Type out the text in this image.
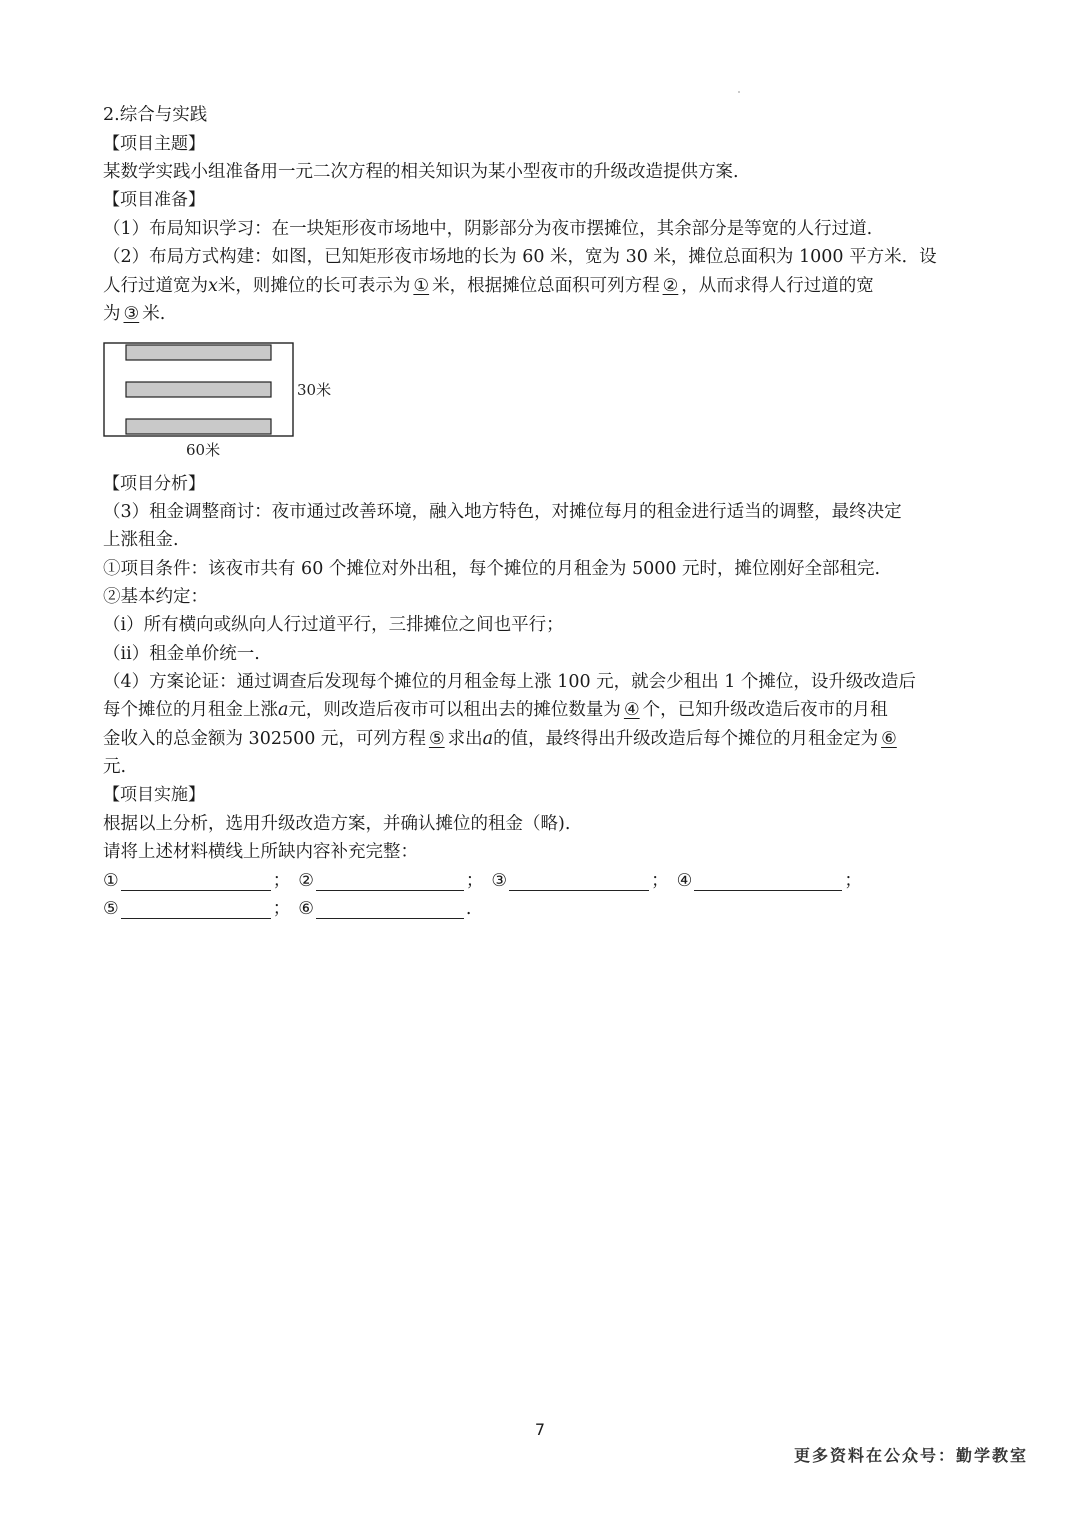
2.综合与实践
【项目主题】
某数学实践小组准备用一元二次方程的相关知识为某小型夜市的升级改造提供方案.
【项目准备】
（1）布局知识学习：在一块矩形夜市场地中，阴影部分为夜市摆摊位，其余部分是等宽的人行过道.
（2）布局方式构建：如图，已知矩形夜市场地的长为 60 米，宽为 30 米，摊位总面积为 1000 平方米．设
人行过道宽为x米，则摊位的长可表示为 ① 米，根据摊位总面积可列方程 ② ，从而求得人行过道的宽
为 ③ 米.
30米
60米
【项目分析】
（3）租金调整商讨：夜市通过改善环境，融入地方特色，对摊位每月的租金进行适当的调整，最终决定
上涨租金.
①项目条件：该夜市共有 60 个摊位对外出租，每个摊位的月租金为 5000 元时，摊位刚好全部租完.
②基本约定：
（i）所有横向或纵向人行过道平行，三排摊位之间也平行；
（ii）租金单价统一.
（4）方案论证：通过调查后发现每个摊位的月租金每上涨 100 元，就会少租出 1 个摊位，设升级改造后
每个摊位的月租金上涨a元，则改造后夜市可以租出去的摊位数量为 ④ 个，已知升级改造后夜市的月租
金收入的总金额为 302500 元，可列方程 ⑤ 求出a的值，最终得出升级改造后每个摊位的月租金定为 ⑥
元.
【项目实施】
根据以上分析，选用升级改造方案，并确认摊位的租金（略).
请将上述材料横线上所缺内容补充完整：
①	； ②	； ③	； ④	；
⑤	； ⑥	.
7
更多资料在公众号：勤学教室
